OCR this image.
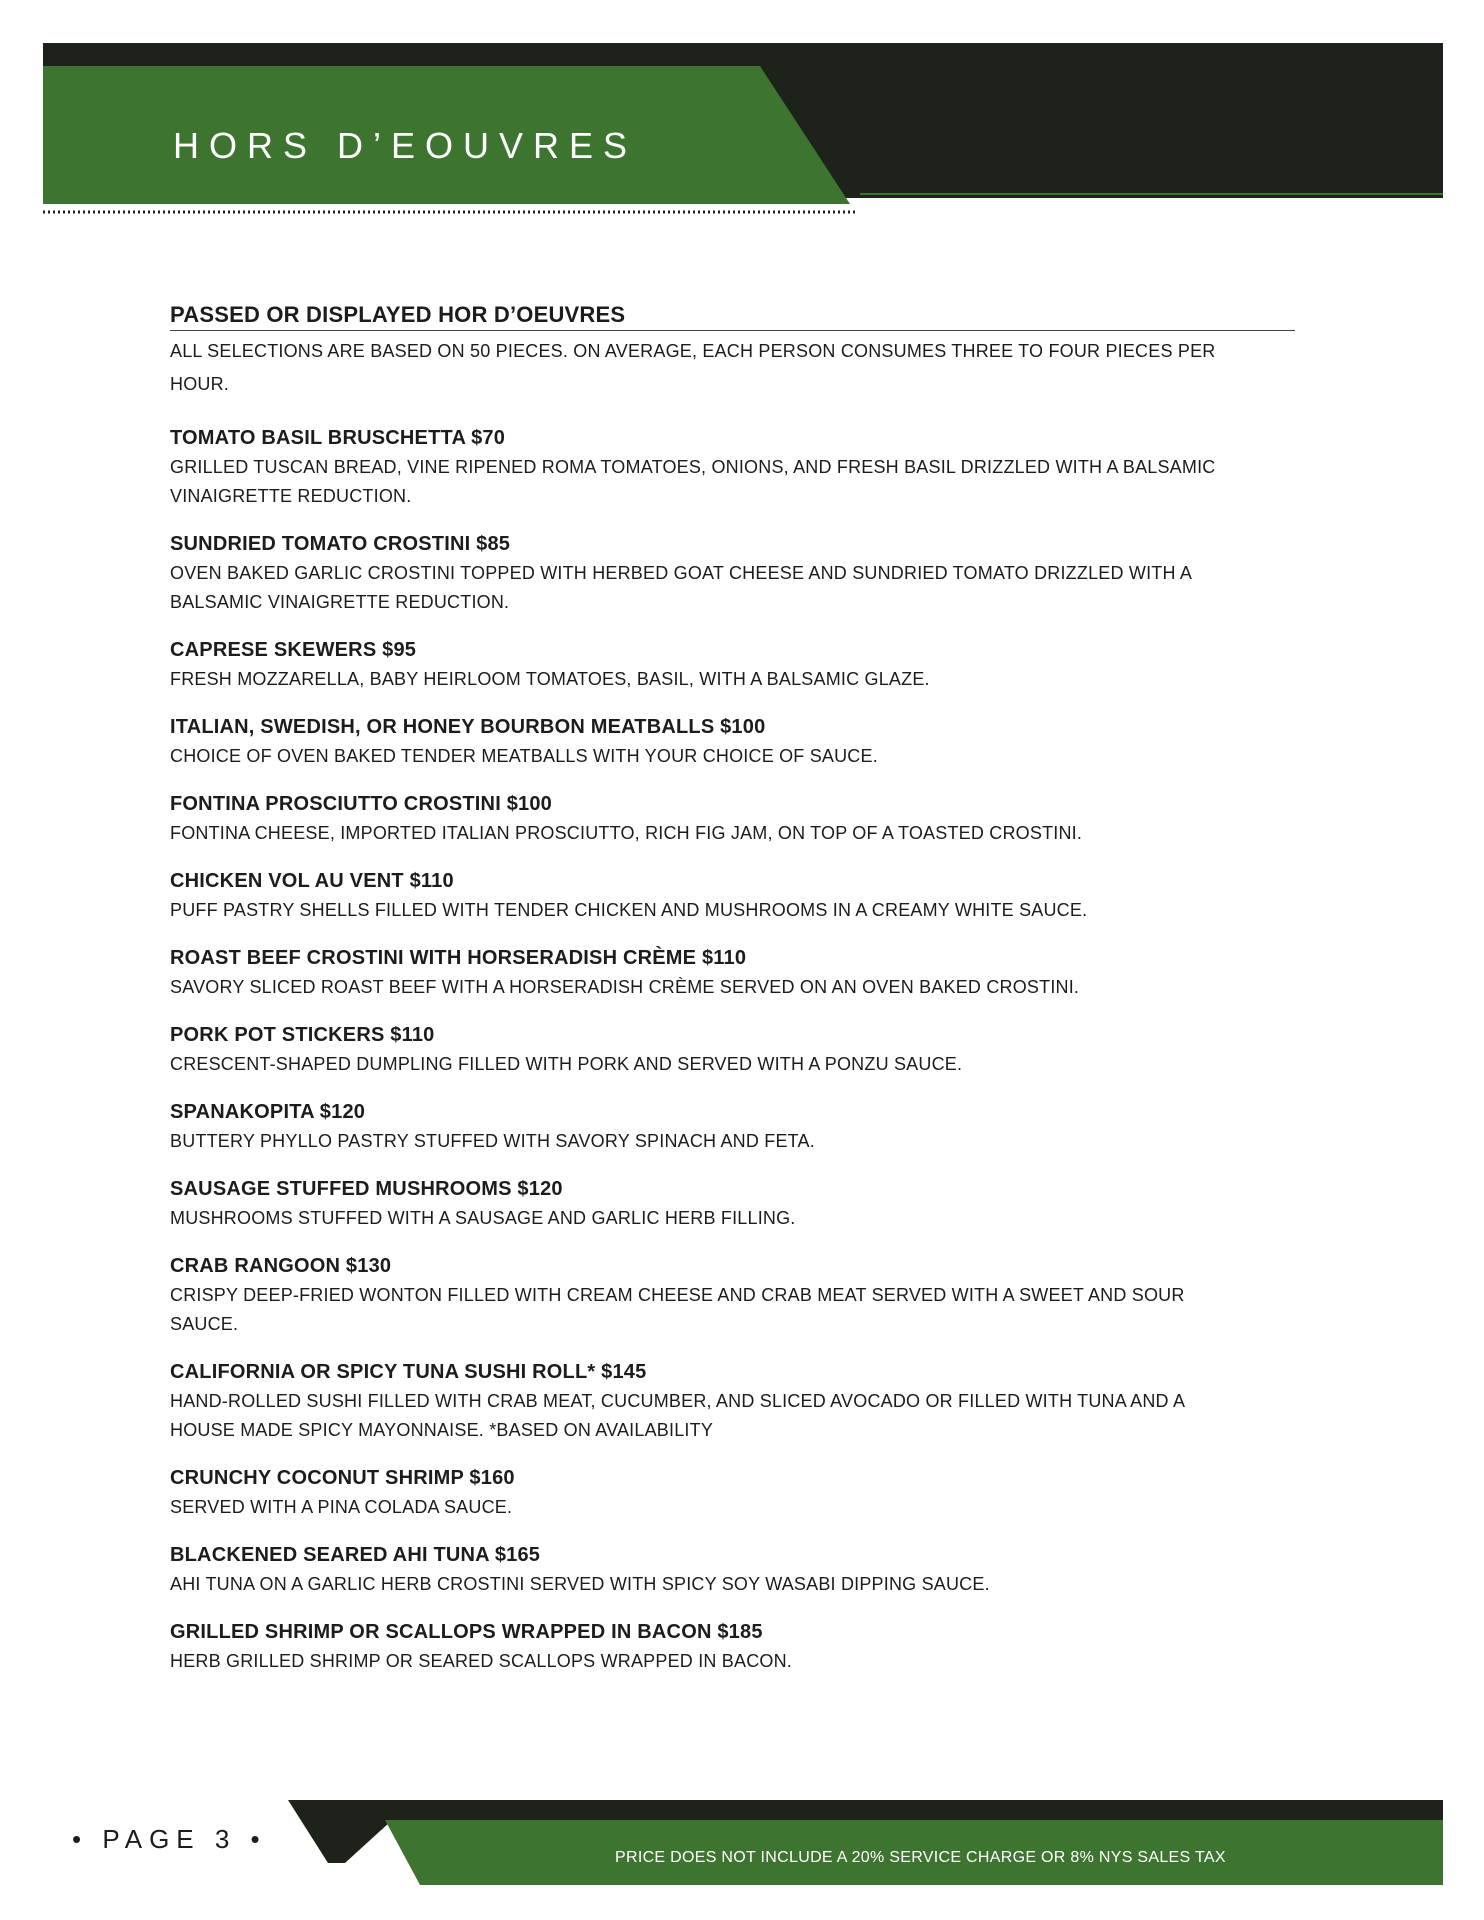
HORS D’EOUVRES
PASSED OR DISPLAYED HOR D’OEUVRES

ALL SELECTIONS ARE BASED ON 50 PIECES. ON AVERAGE, EACH PERSON CONSUMES THREE TO FOUR PIECES PER HOUR.

TOMATO BASIL BRUSCHETTA $70

GRILLED TUSCAN BREAD, VINE RIPENED ROMA TOMATOES, ONIONS, AND FRESH BASIL DRIZZLED WITH A BALSAMIC VINAIGRETTE REDUCTION.

SUNDRIED TOMATO CROSTINI $85

OVEN BAKED GARLIC CROSTINI TOPPED WITH HERBED GOAT CHEESE AND SUNDRIED TOMATO DRIZZLED WITH A BALSAMIC VINAIGRETTE REDUCTION.

CAPRESE SKEWERS $95

FRESH MOZZARELLA, BABY HEIRLOOM TOMATOES, BASIL, WITH A BALSAMIC GLAZE.

ITALIAN, SWEDISH, OR HONEY BOURBON MEATBALLS $100

CHOICE OF OVEN BAKED TENDER MEATBALLS WITH YOUR CHOICE OF SAUCE.

FONTINA PROSCIUTTO CROSTINI $100

FONTINA CHEESE, IMPORTED ITALIAN PROSCIUTTO, RICH FIG JAM, ON TOP OF A TOASTED CROSTINI.

CHICKEN VOL AU VENT $110

PUFF PASTRY SHELLS FILLED WITH TENDER CHICKEN AND MUSHROOMS IN A CREAMY WHITE SAUCE.

ROAST BEEF CROSTINI WITH HORSERADISH CRÈME $110

SAVORY SLICED ROAST BEEF WITH A HORSERADISH CRÈME SERVED ON AN OVEN BAKED CROSTINI.

PORK POT STICKERS $110

CRESCENT-SHAPED DUMPLING FILLED WITH PORK AND SERVED WITH A PONZU SAUCE.

SPANAKOPITA $120

BUTTERY PHYLLO PASTRY STUFFED WITH SAVORY SPINACH AND FETA.

SAUSAGE STUFFED MUSHROOMS $120

MUSHROOMS STUFFED WITH A SAUSAGE AND GARLIC HERB FILLING.

CRAB RANGOON $130

CRISPY DEEP-FRIED WONTON FILLED WITH CREAM CHEESE AND CRAB MEAT SERVED WITH A SWEET AND SOUR SAUCE.

CALIFORNIA OR SPICY TUNA SUSHI ROLL* $145

HAND-ROLLED SUSHI FILLED WITH CRAB MEAT, CUCUMBER, AND SLICED AVOCADO OR FILLED WITH TUNA AND A HOUSE MADE SPICY MAYONNAISE. *BASED ON AVAILABILITY

CRUNCHY COCONUT SHRIMP $160

SERVED WITH A PINA COLADA SAUCE.

BLACKENED SEARED AHI TUNA $165

AHI TUNA ON A GARLIC HERB CROSTINI SERVED WITH SPICY SOY WASABI DIPPING SAUCE.

GRILLED SHRIMP OR SCALLOPS WRAPPED IN BACON $185

HERB GRILLED SHRIMP OR SEARED SCALLOPS WRAPPED IN BACON.

• PAGE 3 •
PRICE DOES NOT INCLUDE A 20% SERVICE CHARGE OR 8% NYS SALES TAX
